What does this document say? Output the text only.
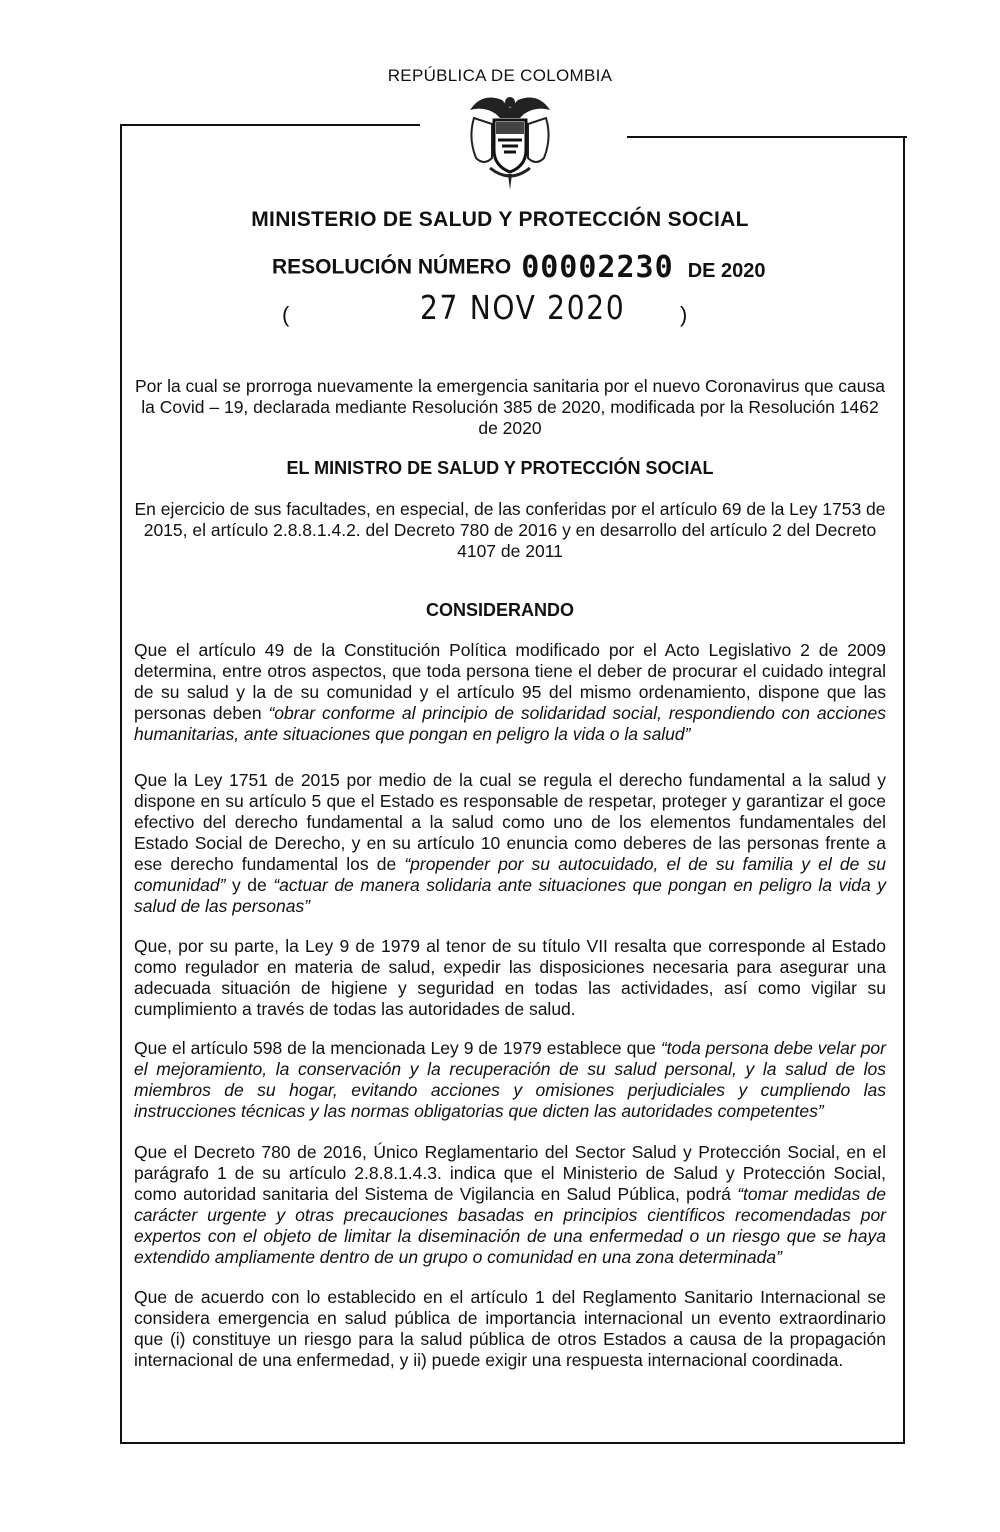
REPÚBLICA DE COLOMBIA
MINISTERIO DE SALUD Y PROTECCIÓN SOCIAL
RESOLUCIÓN NÚMERO 00002230 DE 2020
(	27 NOV 2020 )
Por la cual se prorroga nuevamente la emergencia sanitaria por el nuevo Coronavirus que causa la Covid – 19, declarada mediante Resolución 385 de 2020, modificada por la Resolución 1462 de 2020
EL MINISTRO DE SALUD Y PROTECCIÓN SOCIAL
En ejercicio de sus facultades, en especial, de las conferidas por el artículo 69 de la Ley 1753 de 2015, el artículo 2.8.8.1.4.2. del Decreto 780 de 2016 y en desarrollo del artículo 2 del Decreto 4107 de 2011
CONSIDERANDO
Que el artículo 49 de la Constitución Política modificado por el Acto Legislativo 2 de 2009 determina, entre otros aspectos, que toda persona tiene el deber de procurar el cuidado integral de su salud y la de su comunidad y el artículo 95 del mismo ordenamiento, dispone que las personas deben “obrar conforme al principio de solidaridad social, respondiendo con acciones humanitarias, ante situaciones que pongan en peligro la vida o la salud”
Que la Ley 1751 de 2015 por medio de la cual se regula el derecho fundamental a la salud y dispone en su artículo 5 que el Estado es responsable de respetar, proteger y garantizar el goce efectivo del derecho fundamental a la salud como uno de los elementos fundamentales del Estado Social de Derecho, y en su artículo 10 enuncia como deberes de las personas frente a ese derecho fundamental los de “propender por su autocuidado, el de su familia y el de su comunidad” y de “actuar de manera solidaria ante situaciones que pongan en peligro la vida y salud de las personas”
Que, por su parte, la Ley 9 de 1979 al tenor de su título VII resalta que corresponde al Estado como regulador en materia de salud, expedir las disposiciones necesaria para asegurar una adecuada situación de higiene y seguridad en todas las actividades, así como vigilar su cumplimiento a través de todas las autoridades de salud.
Que el artículo 598 de la mencionada Ley 9 de 1979 establece que “toda persona debe velar por el mejoramiento, la conservación y la recuperación de su salud personal, y la salud de los miembros de su hogar, evitando acciones y omisiones perjudiciales y cumpliendo las instrucciones técnicas y las normas obligatorias que dicten las autoridades competentes”
Que el Decreto 780 de 2016, Único Reglamentario del Sector Salud y Protección Social, en el parágrafo 1 de su artículo 2.8.8.1.4.3. indica que el Ministerio de Salud y Protección Social, como autoridad sanitaria del Sistema de Vigilancia en Salud Pública, podrá “tomar medidas de carácter urgente y otras precauciones basadas en principios científicos recomendadas por expertos con el objeto de limitar la diseminación de una enfermedad o un riesgo que se haya extendido ampliamente dentro de un grupo o comunidad en una zona determinada”
Que de acuerdo con lo establecido en el artículo 1 del Reglamento Sanitario Internacional se considera emergencia en salud pública de importancia internacional un evento extraordinario que (i) constituye un riesgo para la salud pública de otros Estados a causa de la propagación internacional de una enfermedad, y ii) puede exigir una respuesta internacional coordinada.
